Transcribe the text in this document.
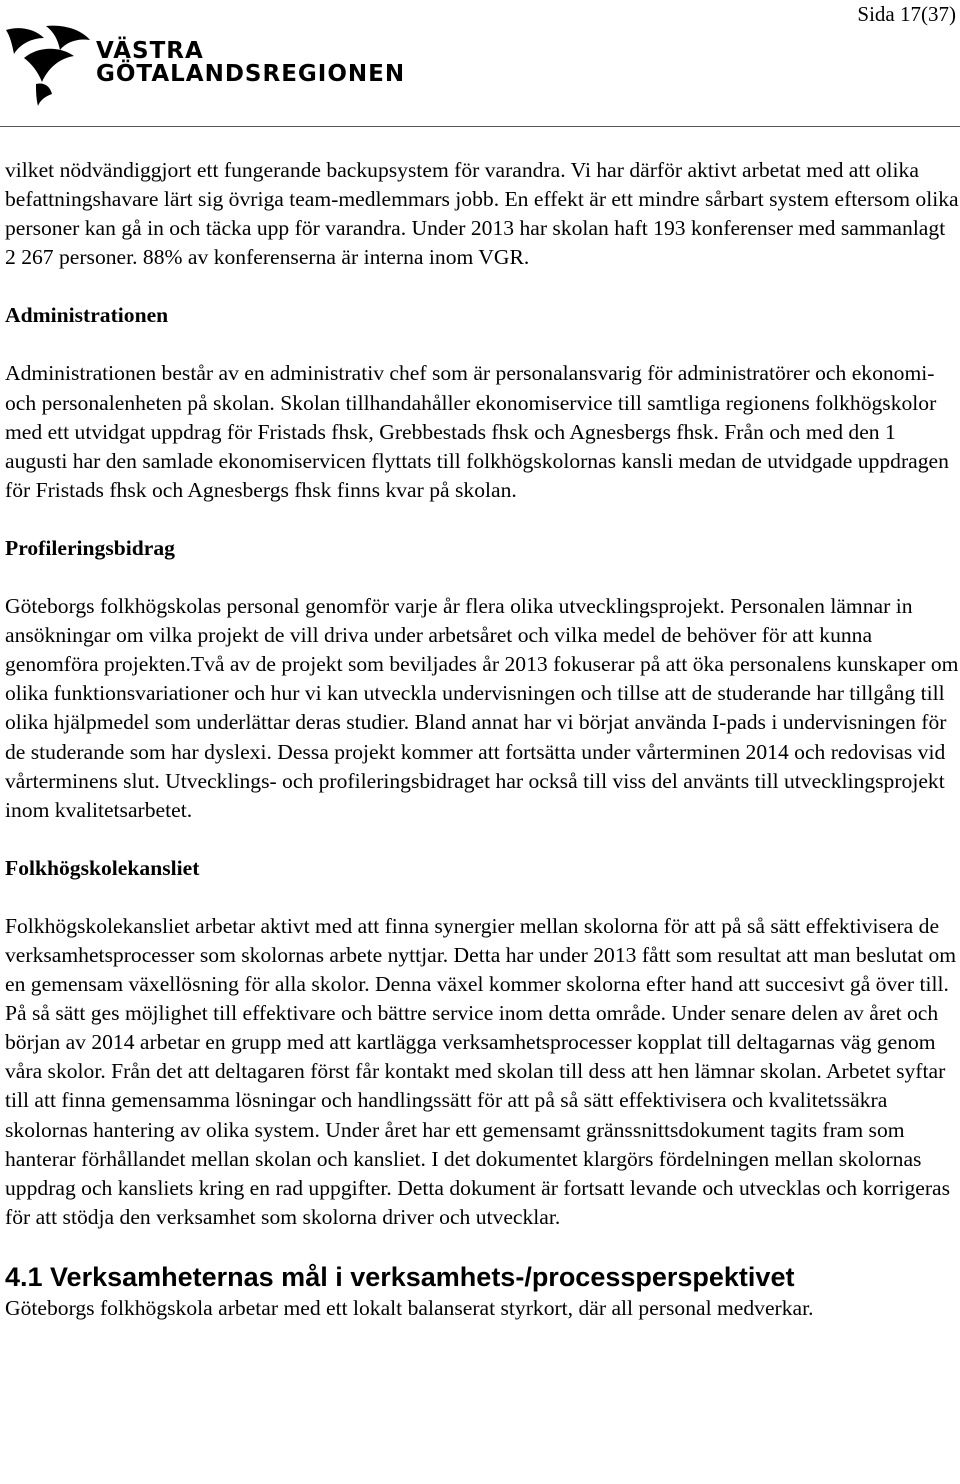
Sida 17(37)
VÄSTRA
GÖTALANDSREGIONEN

vilket nödvändiggjort ett fungerande backupsystem för varandra. Vi har därför aktivt arbetat med att olika befattningshavare lärt sig övriga team-medlemmars jobb. En effekt är ett mindre sårbart system eftersom olika personer kan gå in och täcka upp för varandra. Under 2013 har skolan haft 193 konferenser med sammanlagt 2 267 personer. 88% av konferenserna är interna inom VGR.

Administrationen

Administrationen består av en administrativ chef som är personalansvarig för administratörer och ekonomi- och personalenheten på skolan. Skolan tillhandahåller ekonomiservice till samtliga regionens folkhögskolor med ett utvidgat uppdrag för Fristads fhsk, Grebbestads fhsk och Agnesbergs fhsk. Från och med den 1 augusti har den samlade ekonomiservicen flyttats till folkhögskolornas kansli medan de utvidgade uppdragen för Fristads fhsk och Agnesbergs fhsk finns kvar på skolan.

Profileringsbidrag

Göteborgs folkhögskolas personal genomför varje år flera olika utvecklingsprojekt. Personalen lämnar in ansökningar om vilka projekt de vill driva under arbetsåret och vilka medel de behöver för att kunna genomföra projekten.Två av de projekt som beviljades år 2013 fokuserar på att öka personalens kunskaper om olika funktionsvariationer och hur vi kan utveckla undervisningen och tillse att de studerande har tillgång till olika hjälpmedel som underlättar deras studier. Bland annat har vi börjat använda I-pads i undervisningen för de studerande som har dyslexi. Dessa projekt kommer att fortsätta under vårterminen 2014 och redovisas vid vårterminens slut. Utvecklings- och profileringsbidraget har också till viss del använts till utvecklingsprojekt inom kvalitetsarbetet.

Folkhögskolekansliet

Folkhögskolekansliet arbetar aktivt med att finna synergier mellan skolorna för att på så sätt effektivisera de verksamhetsprocesser som skolornas arbete nyttjar. Detta har under 2013 fått som resultat att man beslutat om en gemensam växellösning för alla skolor. Denna växel kommer skolorna efter hand att succesivt gå över till. På så sätt ges möjlighet till effektivare och bättre service inom detta område. Under senare delen av året och början av 2014 arbetar en grupp med att kartlägga verksamhetsprocesser kopplat till deltagarnas väg genom våra skolor. Från det att deltagaren först får kontakt med skolan till dess att hen lämnar skolan. Arbetet syftar till att finna gemensamma lösningar och handlingssätt för att på så sätt effektivisera och kvalitetssäkra skolornas hantering av olika system. Under året har ett gemensamt gränssnittsdokument tagits fram som hanterar förhållandet mellan skolan och kansliet. I det dokumentet klargörs fördelningen mellan skolornas uppdrag och kansliets kring en rad uppgifter. Detta dokument är fortsatt levande och utvecklas och korrigeras för att stödja den verksamhet som skolorna driver och utvecklar.

4.1 Verksamheternas mål i verksamhets-/processperspektivet

Göteborgs folkhögskola arbetar med ett lokalt balanserat styrkort, där all personal medverkar.
